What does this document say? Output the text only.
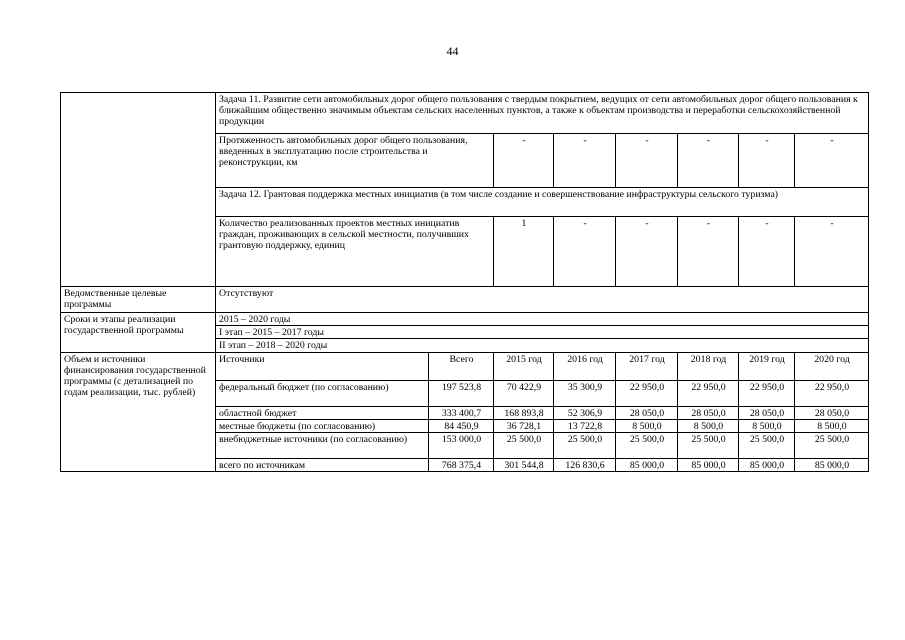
44
	Задача 11. Развитие сети автомобильных дорог общего пользования с твердым покрытием, ведущих от сети автомобильных дорог общего пользования к ближайшим общественно значимым объектам сельских населенных пунктов, а также к объектам производства и переработки сельскохозяйственной продукции								
	Протяженность автомобильных дорог общего пользования, введенных в эксплуатацию после строительства и реконструкции, км		-	-	-	-	-	-	
	Задача 12. Грантовая поддержка местных инициатив (в том числе создание и совершенствование инфраструктуры сельского туризма)								
	Количество реализованных проектов местных инициатив граждан, проживающих в сельской местности, получивших грантовую поддержку, единиц		1	-	-	-	-	-	
Ведомственные целевые программы	Отсутствуют								
Сроки и этапы реализации государственной программы	2015 – 2020 годы								
	I этап – 2015 – 2017 годы								
	II этап – 2018 – 2020 годы								
Объем и источники финансирования государственной программы (с детализацией по годам реализации, тыс. рублей)	Источники	Всего	2015 год	2016 год	2017 год	2018 год	2019 год	2020 год	
	федеральный бюджет (по согласованию)	197 523,8	70 422,9	35 300,9	22 950,0	22 950,0	22 950,0	22 950,0	
	областной бюджет	333 400,7	168 893,8	52 306,9	28 050,0	28 050,0	28 050,0	28 050,0	
	местные бюджеты (по согласованию)	84 450,9	36 728,1	13 722,8	8 500,0	8 500,0	8 500,0	8 500,0	
	внебюджетные источники (по согласованию)	153 000,0	25 500,0	25 500,0	25 500,0	25 500,0	25 500,0	25 500,0	
	всего по источникам	768 375,4	301 544,8	126 830,6	85 000,0	85 000,0	85 000,0	85 000,0	
